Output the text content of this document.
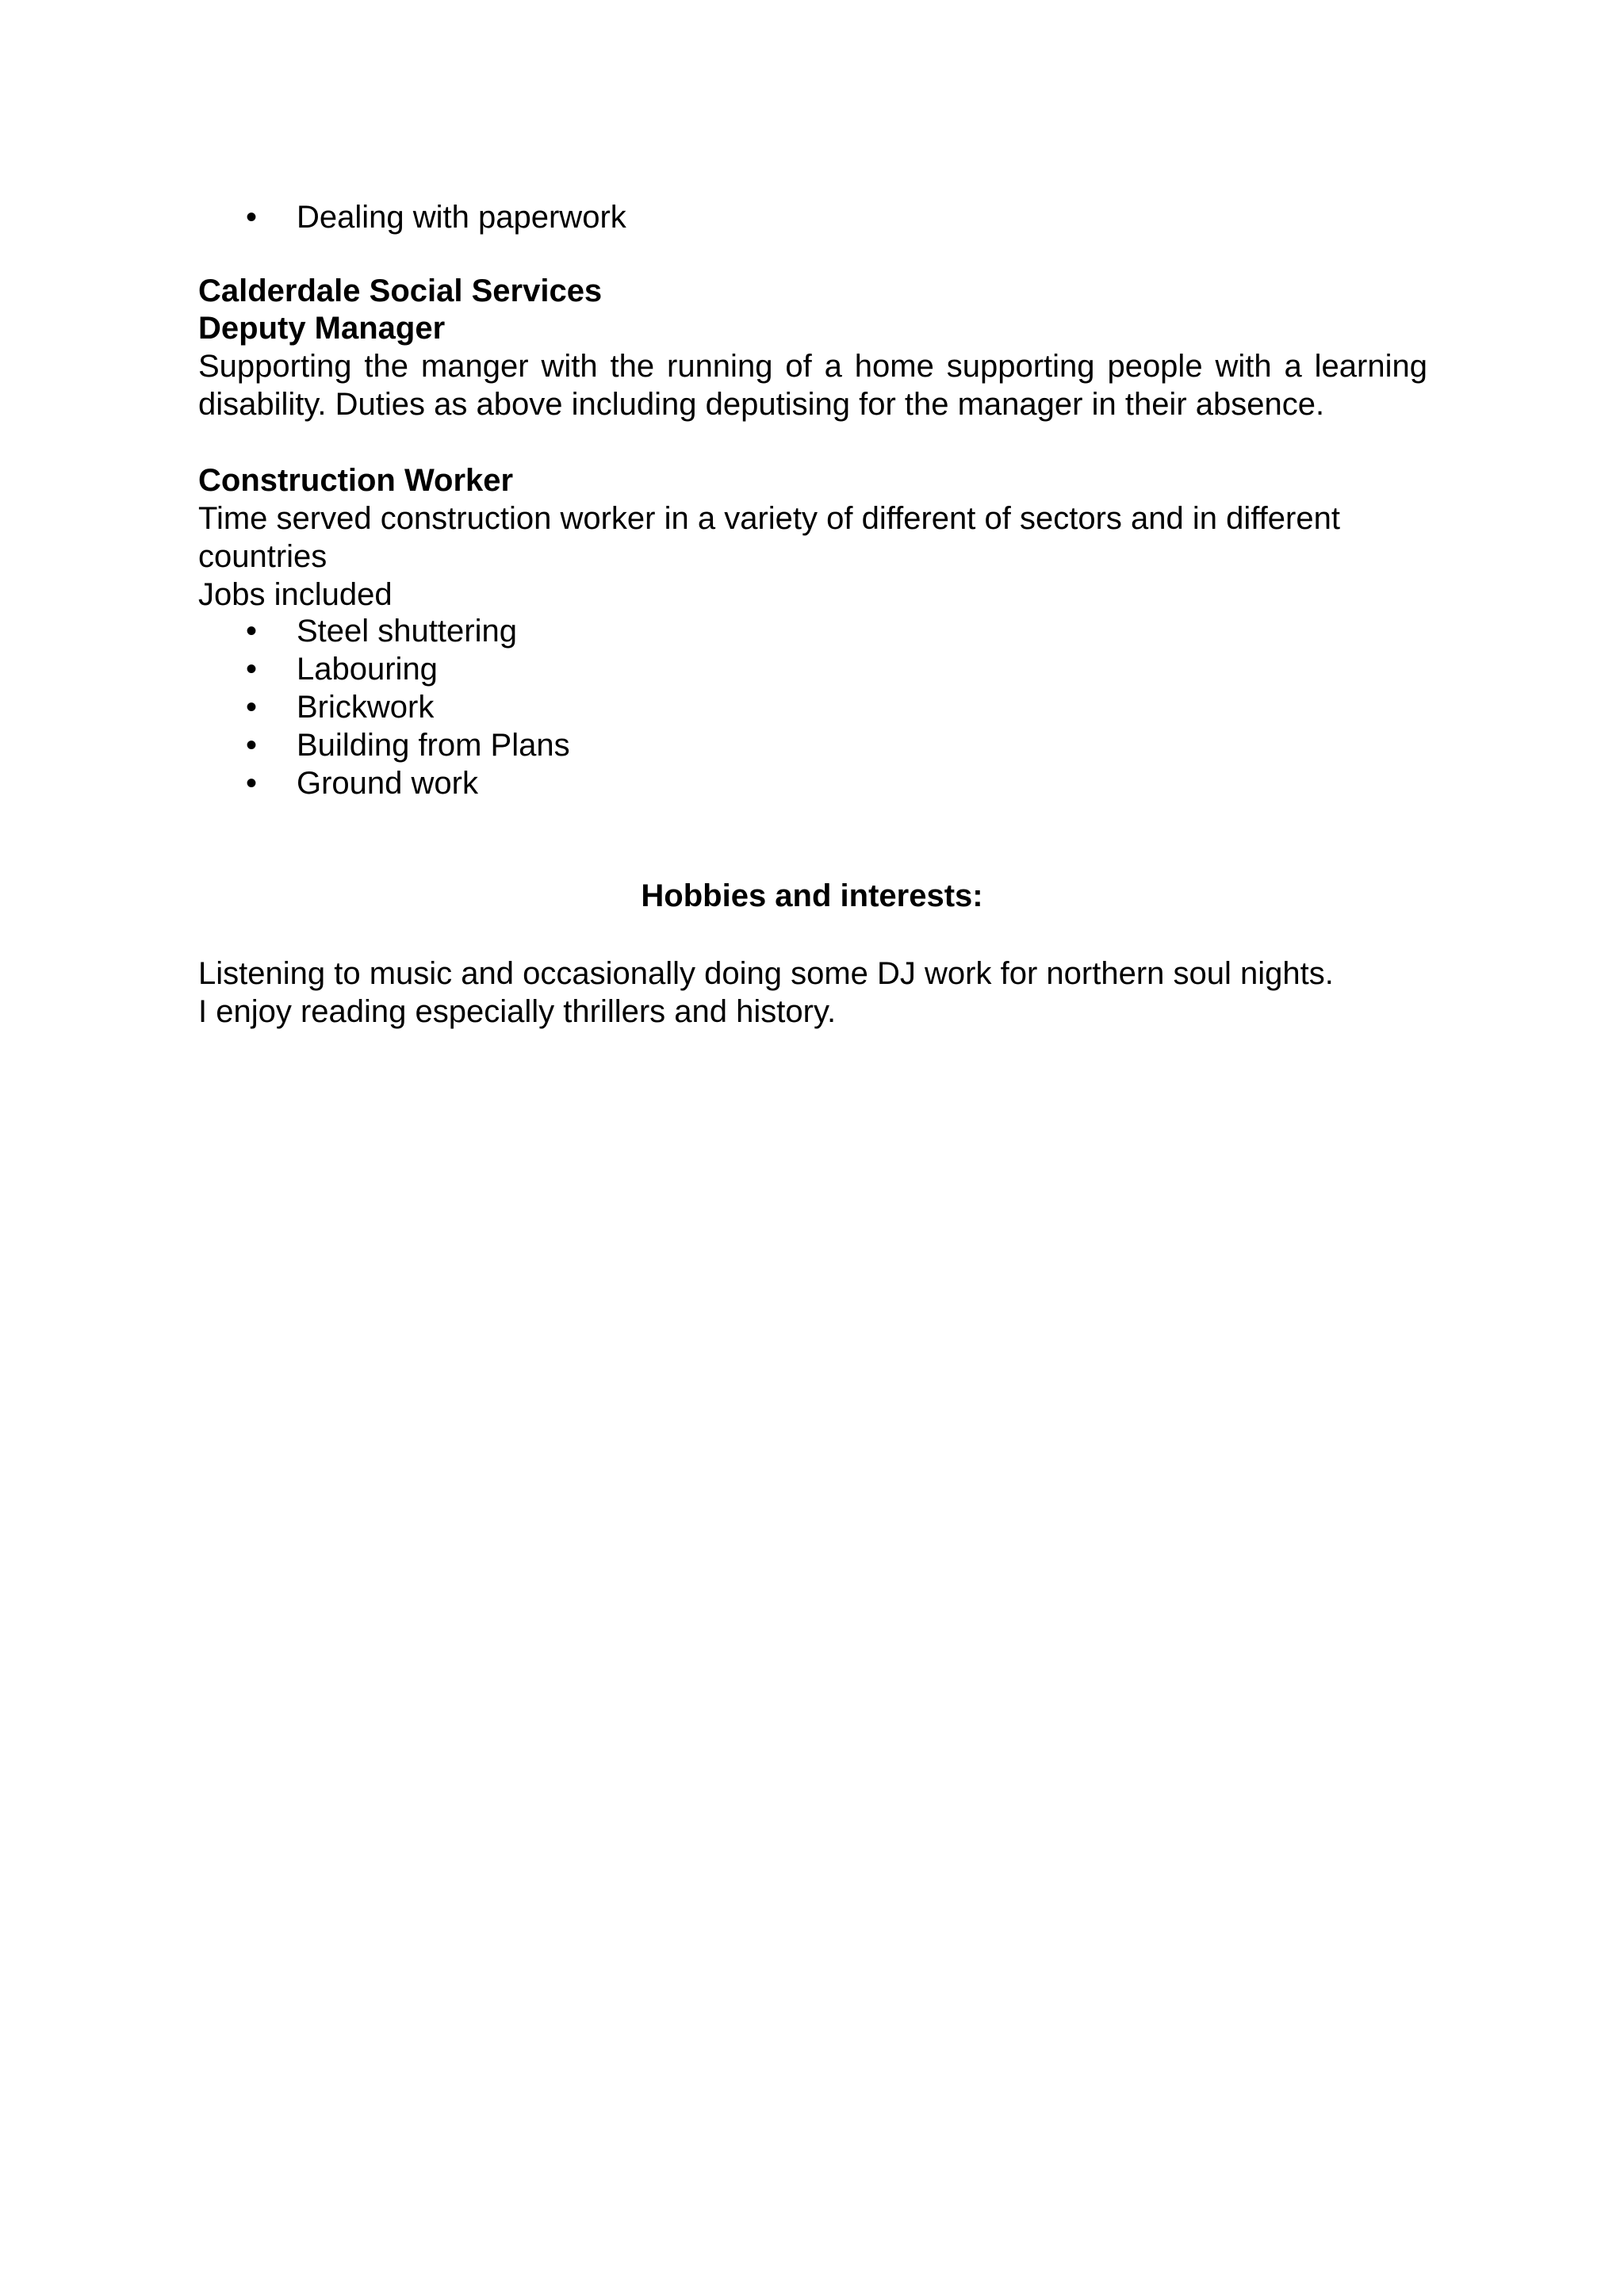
• Dealing with paperwork

Calderdale Social Services

Deputy Manager

Supporting the manger with the running of a home supporting people with a learning

disability. Duties as above including deputising for the manager in their absence.

Construction Worker

Time served construction worker in a variety of different of sectors and in different

countries

Jobs included

• Steel shuttering
• Labouring
• Brickwork
• Building from Plans
• Ground work
Hobbies and interests:

Listening to music and occasionally doing some DJ work for northern soul nights.

I enjoy reading especially thrillers and history.
